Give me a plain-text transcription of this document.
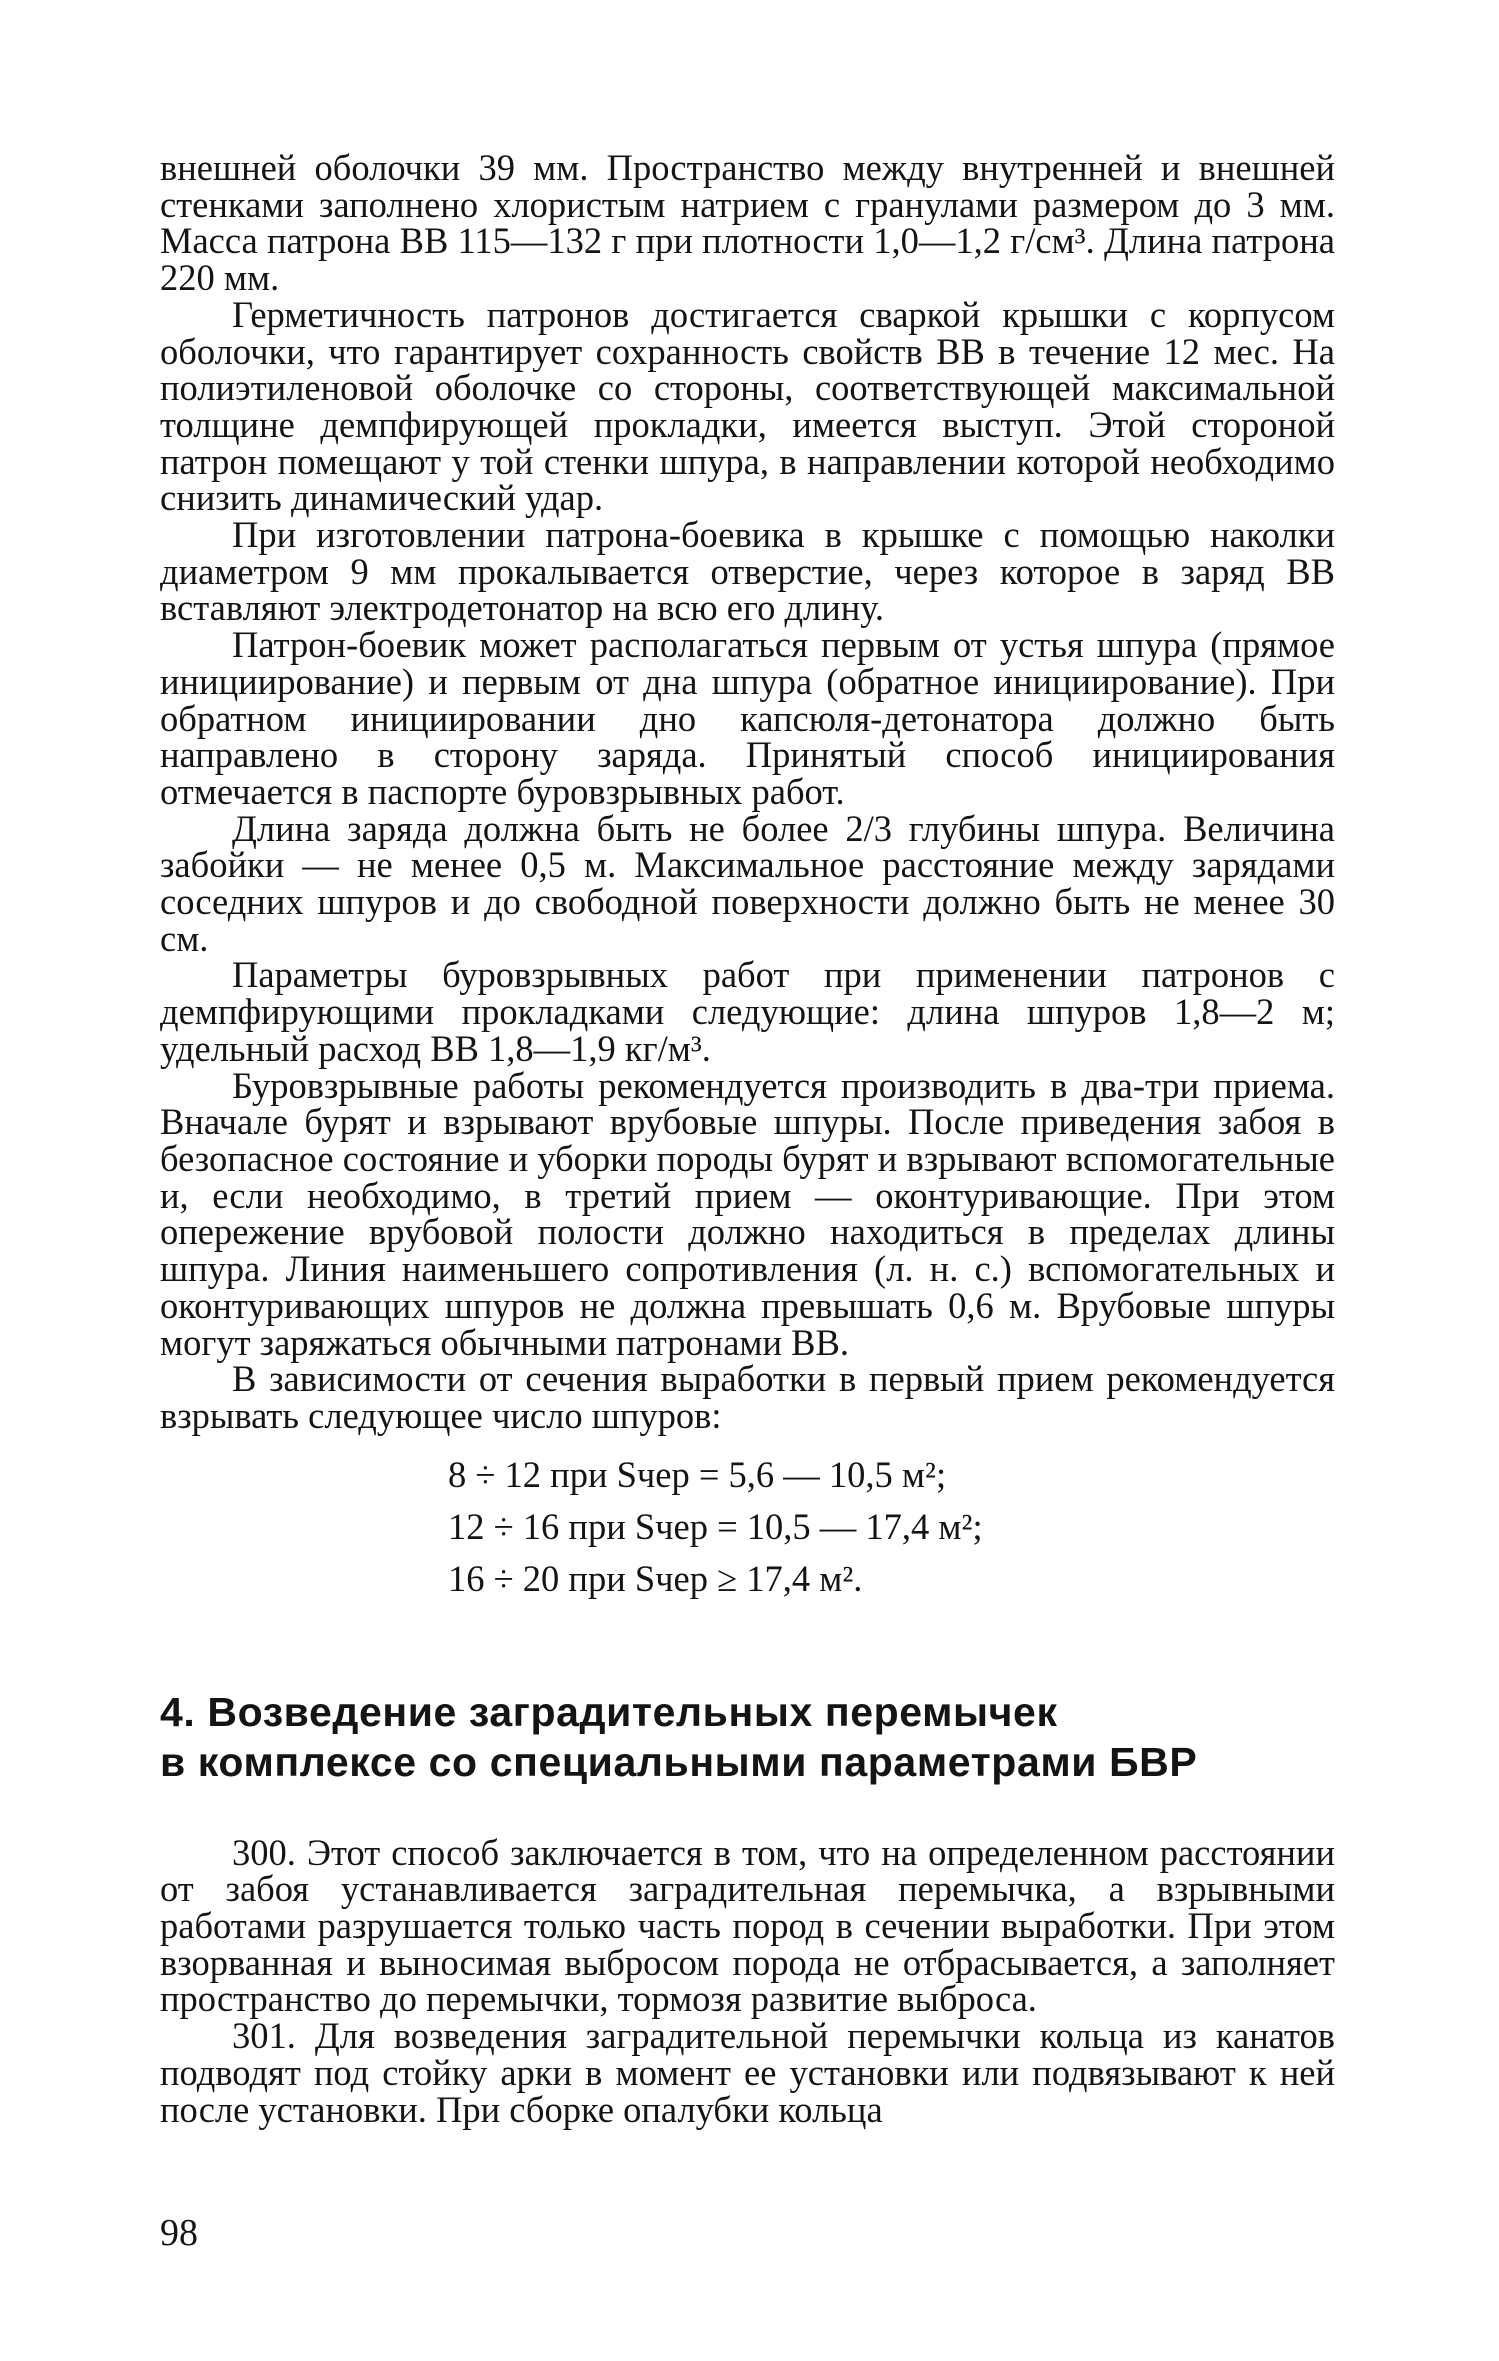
внешней оболочки 39 мм. Пространство между внутренней и внешней стенками заполнено хлористым натрием с гранулами размером до 3 мм. Масса патрона ВВ 115—132 г при плотности 1,0—1,2 г/см³. Длина патрона 220 мм.

Герметичность патронов достигается сваркой крышки с корпусом оболочки, что гарантирует сохранность свойств ВВ в течение 12 мес. На полиэтиленовой оболочке со стороны, соответствующей максимальной толщине демпфирующей прокладки, имеется выступ. Этой стороной патрон помещают у той стенки шпура, в направлении которой необходимо снизить динамический удар.

При изготовлении патрона-боевика в крышке с помощью наколки диаметром 9 мм прокалывается отверстие, через которое в заряд ВВ вставляют электродетонатор на всю его длину.

Патрон-боевик может располагаться первым от устья шпура (прямое инициирование) и первым от дна шпура (обратное инициирование). При обратном инициировании дно капсюля-детонатора должно быть направлено в сторону заряда. Принятый способ инициирования отмечается в паспорте буровзрывных работ.

Длина заряда должна быть не более 2/3 глубины шпура. Величина забойки — не менее 0,5 м. Максимальное расстояние между зарядами соседних шпуров и до свободной поверхности должно быть не менее 30 см.

Параметры буровзрывных работ при применении патронов с демпфирующими прокладками следующие: длина шпуров 1,8—2 м; удельный расход ВВ 1,8—1,9 кг/м³.

Буровзрывные работы рекомендуется производить в два-три приема. Вначале бурят и взрывают врубовые шпуры. После приведения забоя в безопасное состояние и уборки породы бурят и взрывают вспомогательные и, если необходимо, в третий прием — оконтуривающие. При этом опережение врубовой полости должно находиться в пределах длины шпура. Линия наименьшего сопротивления (л. н. с.) вспомогательных и оконтуривающих шпуров не должна превышать 0,6 м. Врубовые шпуры могут заряжаться обычными патронами ВВ.

В зависимости от сечения выработки в первый прием рекомендуется взрывать следующее число шпуров:

8 ÷ 12 при Sчер = 5,6 — 10,5 м²;
12 ÷ 16 при Sчер = 10,5 — 17,4 м²;
16 ÷ 20 при Sчер ≥ 17,4 м².
4. Возведение заградительных перемычек
в комплексе со специальными параметрами БВР

300. Этот способ заключается в том, что на определенном расстоянии от забоя устанавливается заградительная перемычка, а взрывными работами разрушается только часть пород в сечении выработки. При этом взорванная и выносимая выбросом порода не отбрасывается, а заполняет пространство до перемычки, тормозя развитие выброса.

301. Для возведения заградительной перемычки кольца из канатов подводят под стойку арки в момент ее установки или подвязывают к ней после установки. При сборке опалубки кольца

98
